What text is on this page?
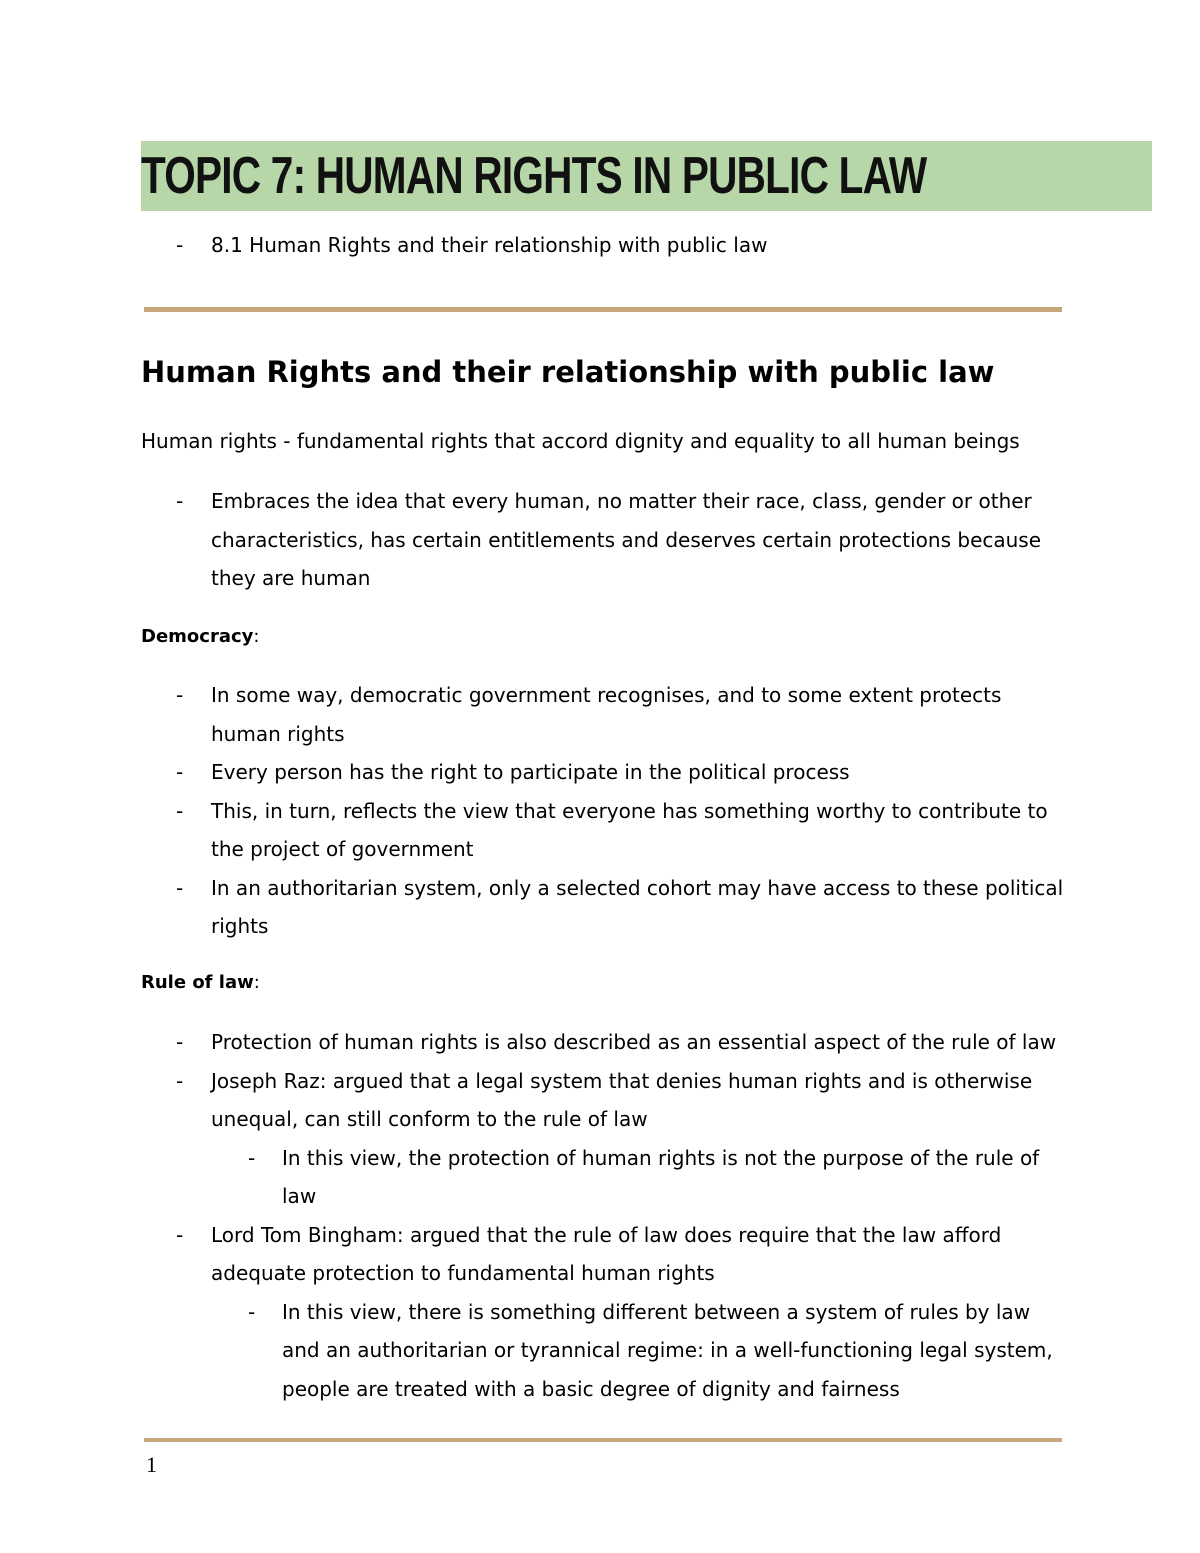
TOPIC 7: HUMAN RIGHTS IN PUBLIC LAW
- 8.1 Human Rights and their relationship with public law
Human Rights and their relationship with public law
Human rights - fundamental rights that accord dignity and equality to all human beings
- Embraces the idea that every human, no matter their race, class, gender or other characteristics, has certain entitlements and deserves certain protections because they are human
Democracy:
- In some way, democratic government recognises, and to some extent protects human rights
- Every person has the right to participate in the political process
- This, in turn, reflects the view that everyone has something worthy to contribute to the project of government
- In an authoritarian system, only a selected cohort may have access to these political rights
Rule of law:
- Protection of human rights is also described as an essential aspect of the rule of law
- Joseph Raz: argued that a legal system that denies human rights and is otherwise unequal, can still conform to the rule of law
- In this view, the protection of human rights is not the purpose of the rule of law
- Lord Tom Bingham: argued that the rule of law does require that the law afford adequate protection to fundamental human rights
- In this view, there is something different between a system of rules by law and an authoritarian or tyrannical regime: in a well-functioning legal system, people are treated with a basic degree of dignity and fairness
1
